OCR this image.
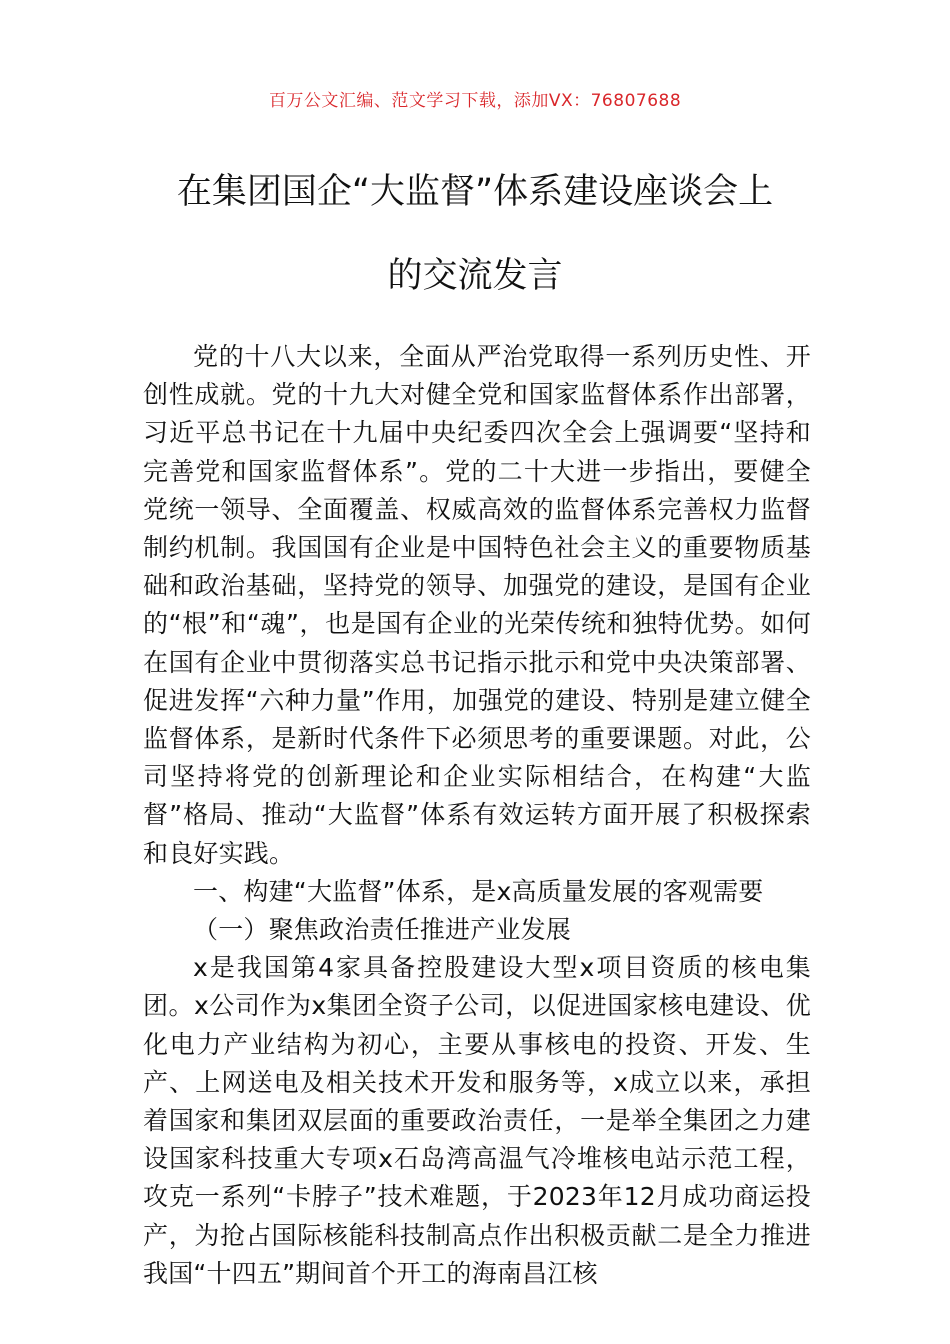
百万公文汇编、范文学习下载，添加VX：76807688
在集团国企“大监督”体系建设座谈会上
的交流发言

党的十八大以来，全面从严治党取得一系列历史性、开创性成就。党的十九大对健全党和国家监督体系作出部署，习近平总书记在十九届中央纪委四次全会上强调要“坚持和完善党和国家监督体系”。党的二十大进一步指出，要健全党统一领导、全面覆盖、权威高效的监督体系完善权力监督制约机制。我国国有企业是中国特色社会主义的重要物质基础和政治基础，坚持党的领导、加强党的建设，是国有企业的“根”和“魂”，也是国有企业的光荣传统和独特优势。如何在国有企业中贯彻落实总书记指示批示和党中央决策部署、促进发挥“六种力量”作用，加强党的建设、特别是建立健全监督体系，是新时代条件下必须思考的重要课题。对此，公司坚持将党的创新理论和企业实际相结合，在构建“大监督”格局、推动“大监督”体系有效运转方面开展了积极探索和良好实践。

一、构建“大监督”体系，是x高质量发展的客观需要

（一）聚焦政治责任推进产业发展

x是我国第4家具备控股建设大型x项目资质的核电集团。x公司作为x集团全资子公司，以促进国家核电建设、优化电力产业结构为初心，主要从事核电的投资、开发、生产、上网送电及相关技术开发和服务等，x成立以来，承担着国家和集团双层面的重要政治责任，一是举全集团之力建设国家科技重大专项x石岛湾高温气冷堆核电站示范工程，攻克一系列“卡脖子”技术难题，于2023年12月成功商运投产，为抢占国际核能科技制高点作出积极贡献二是全力推进我国“十四五”期间首个开工的海南昌江核
